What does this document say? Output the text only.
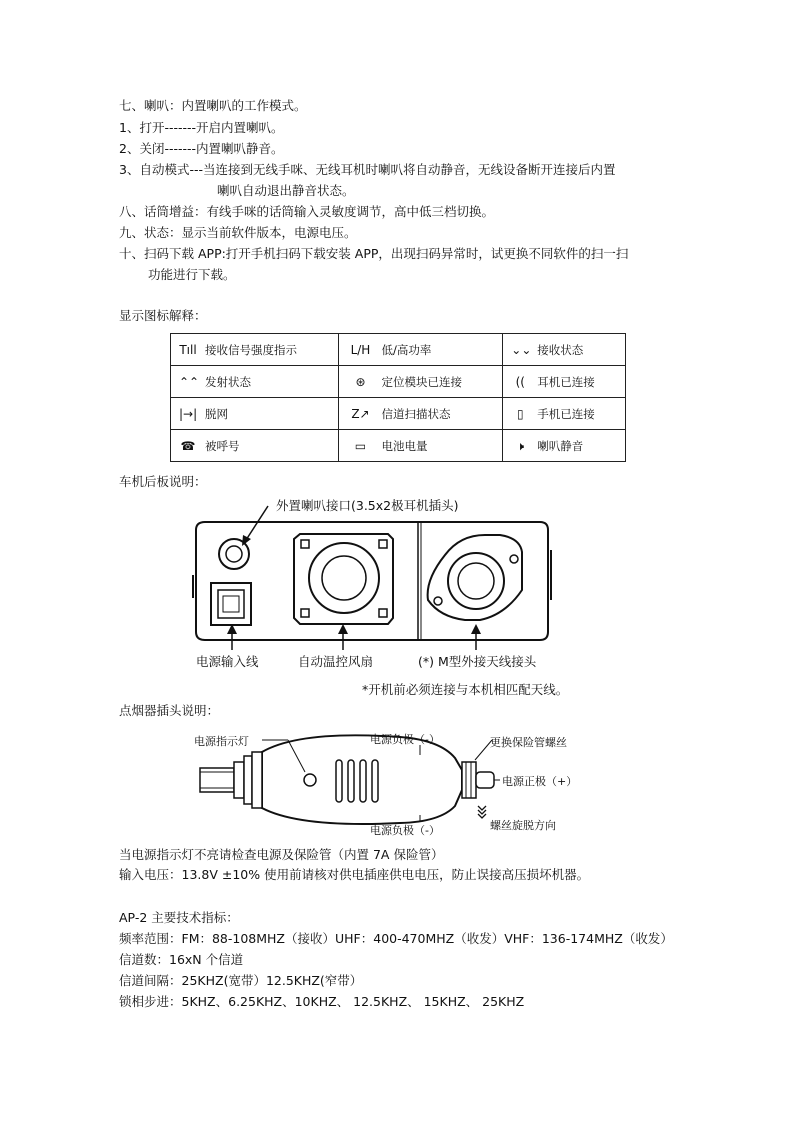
七、喇叭：内置喇叭的工作模式。
1、打开-------开启内置喇叭。
2、关闭-------内置喇叭静音。
3、自动模式---当连接到无线手咪、无线耳机时喇叭将自动静音，无线设备断开连接后内置
喇叭自动退出静音状态。
八、话筒增益：有线手咪的话筒输入灵敏度调节，高中低三档切换。
九、状态：显示当前软件版本，电源电压。
十、扫码下载 APP:打开手机扫码下载安装 APP，出现扫码异常时，试更换不同软件的扫一扫
功能进行下载。
显示图标解释：
Tıll 接收信号强度指示	L/H 低/高功率	⌄⌄ 接收状态
⌃⌃ 发射状态	⊛ 定位模块已连接	(( 耳机已连接
|→| 脱网	Z↗ 信道扫描状态	▯ 手机已连接
☎ 被呼号	▭ 电池电量	🕨 喇叭静音
车机后板说明：
外置喇叭接口(3.5x2极耳机插头)
电源输入线	自动温控风扇	(*) M型外接天线接头
*开机前必须连接与本机相匹配天线。
点烟器插头说明：
电源指示灯	电源负极（-）	更换保险管螺丝
电源正极（+）
电源负极（-）	螺丝旋脱方向
当电源指示灯不亮请检查电源及保险管（内置 7A 保险管）
输入电压：13.8V ±10% 使用前请核对供电插座供电电压，防止误接高压损坏机器。
AP-2 主要技术指标：
频率范围：FM：88-108MHZ（接收）UHF：400-470MHZ（收发）VHF：136-174MHZ（收发）
信道数：16xN 个信道
信道间隔：25KHZ(宽带）12.5KHZ(窄带）
锁相步进：5KHZ、6.25KHZ、10KHZ、 12.5KHZ、 15KHZ、 25KHZ
